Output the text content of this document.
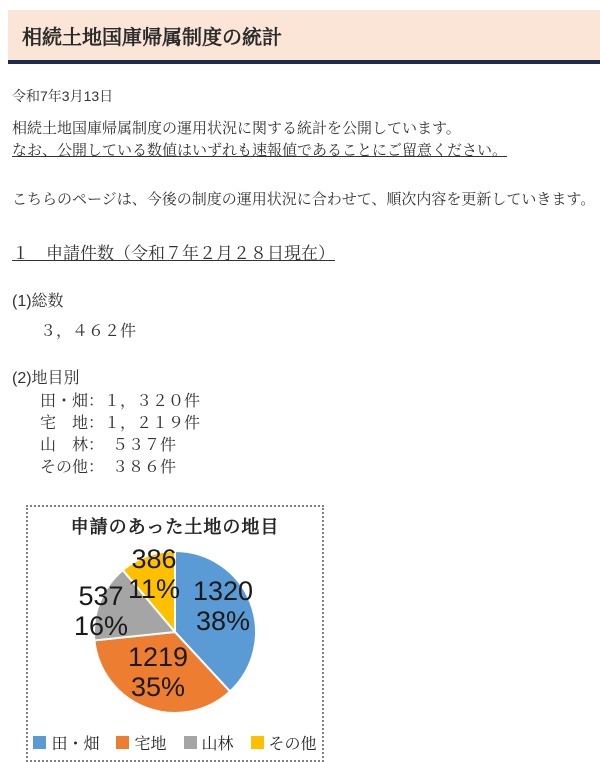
相続土地国庫帰属制度の統計

令和7年3月13日

相続土地国庫帰属制度の運用状況に関する統計を公開しています。
なお、公開している数値はいずれも速報値であることにご留意ください。

こちらのページは、今後の制度の運用状況に合わせて、順次内容を更新していきます。

１　申請件数（令和７年２月２８日現在）

(1)総数

３，４６２件

(2)地目別

田・畑：１，３２０件
宅　地：１，２１９件
山　林：　５３７件
その他：　３８６件
申請のあった土地の地目
1320
38%
1219
35%
537
16%
386
11%
田・畑 宅地 山林 その他
